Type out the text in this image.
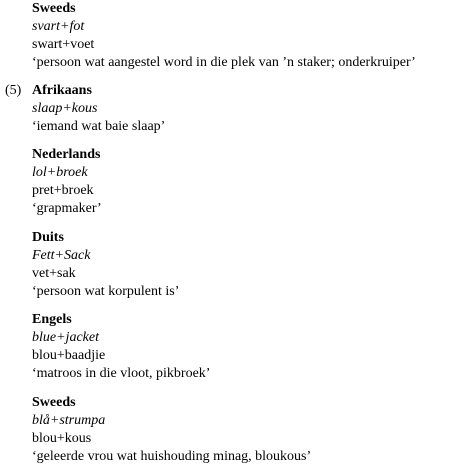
Sweeds
svart+fot
swart+voet
‘persoon wat aangestel word in die plek van ’n staker; onderkruiper’
(5) Afrikaans
slaap+kous
‘iemand wat baie slaap’
Nederlands
lol+broek
pret+broek
‘grapmaker’
Duits
Fett+Sack
vet+sak
‘persoon wat korpulent is’
Engels
blue+jacket
blou+baadjie
‘matroos in die vloot, pikbroek’
Sweeds
blå+strumpa
blou+kous
‘geleerde vrou wat huishouding minag, bloukous’
